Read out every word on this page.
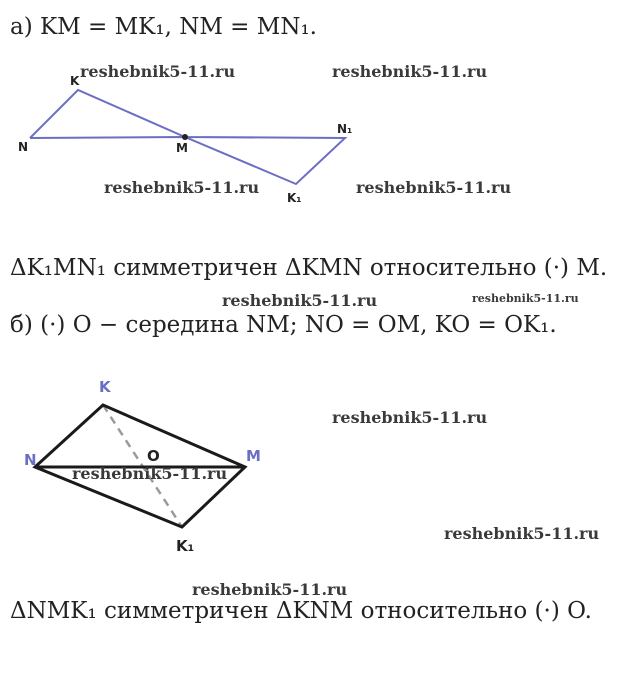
а) KM = MK₁, NM = MN₁.
reshebnik5-11.ru	reshebnik5-11.ru
reshebnik5-11.ru	reshebnik5-11.ru
K
N	M
N₁
K₁
ΔK₁MN₁ симметричен ΔKMN относительно (·) M.
reshebnik5-11.ru	reshebnik5-11.ru
б) (·) O − середина NM; NO = OM, KO = OK₁.
K
N	O	M
K₁
reshebnik5-11.ru
reshebnik5-11.ru
reshebnik5-11.ru
reshebnik5-11.ru
ΔNMK₁ симметричен ΔKNM относительно (·) O.
